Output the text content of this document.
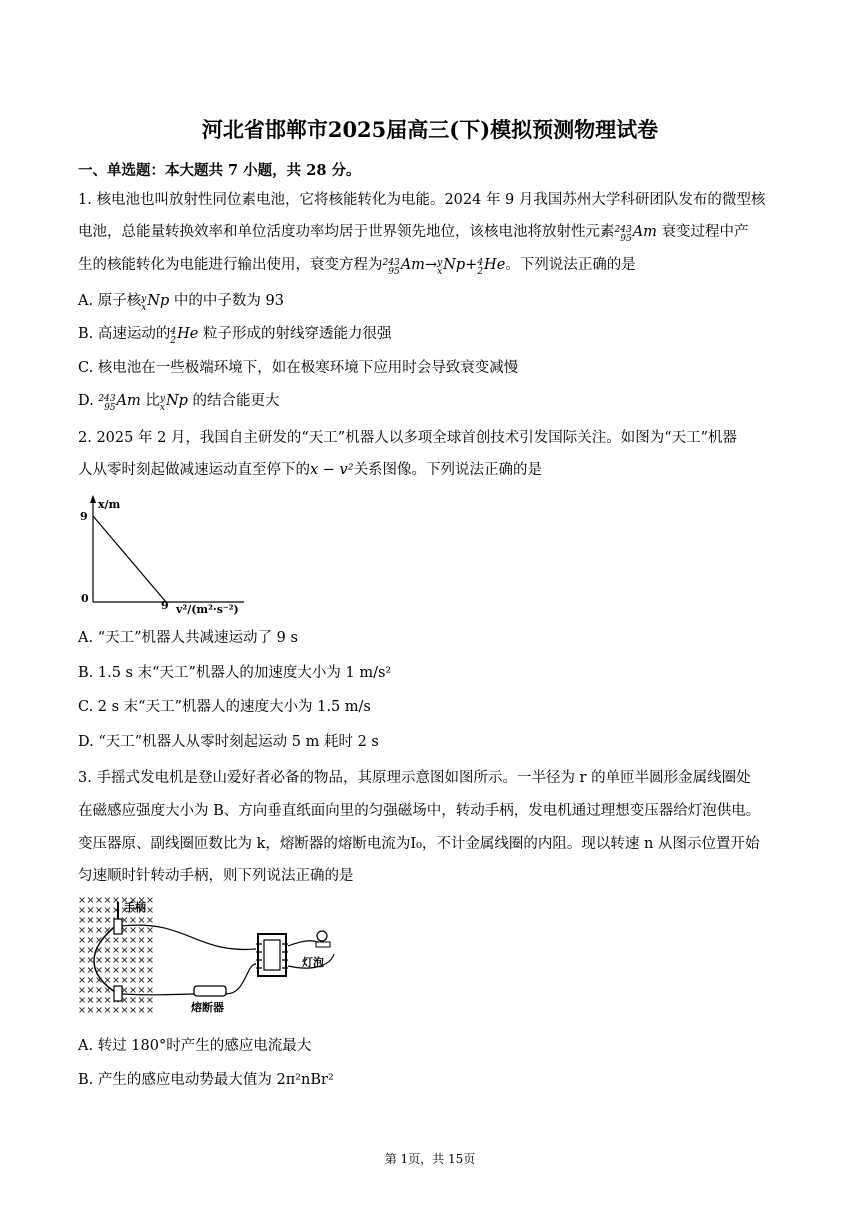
河北省邯郸市2025届高三(下)模拟预测物理试卷
一、单选题：本大题共 7 小题，共 28 分。
1. 核电池也叫放射性同位素电池，它将核能转化为电能。2024 年 9 月我国苏州大学科研团队发布的微型核
电池，总能量转换效率和单位活度功率均居于世界领先地位，该核电池将放射性元素 243
95 Am 衰变过程中产
生的核能转化为电能进行输出使用，衰变方程为 243
95 Am→ y
x Np+ 4
2 He。下列说法正确的是
A. 原子核 y
x Np 中的中子数为 93
B. 高速运动的 4
2 He 粒子形成的射线穿透能力很强
C. 核电池在一些极端环境下，如在极寒环境下应用时会导致衰变减慢
D. 243
95 Am 比 y
x Np 的结合能更大
2. 2025 年 2 月，我国自主研发的“天工”机器人以多项全球首创技术引发国际关注。如图为“天工”机器
人从零时刻起做减速运动直至停下的x − v²关系图像。下列说法正确的是
x/m
9
0
9 v²/(m²·s⁻²)
A. “天工”机器人共减速运动了 9 s
B. 1.5 s 末“天工”机器人的加速度大小为 1 m/s²
C. 2 s 末“天工”机器人的速度大小为 1.5 m/s
D. “天工”机器人从零时刻起运动 5 m 耗时 2 s
3. 手摇式发电机是登山爱好者必备的物品，其原理示意图如图所示。一半径为 r 的单匝半圆形金属线圈处
在磁感应强度大小为 B、方向垂直纸面向里的匀强磁场中，转动手柄，发电机通过理想变压器给灯泡供电。
变压器原、副线圈匝数比为 k，熔断器的熔断电流为I₀，不计金属线圈的内阻。现以转速 n 从图示位置开始
匀速顺时针转动手柄，则下列说法正确的是
手柄
熔断器
灯泡
A. 转过 180°时产生的感应电流最大
B. 产生的感应电动势最大值为 2π²nBr²
第 1页，共 15页
